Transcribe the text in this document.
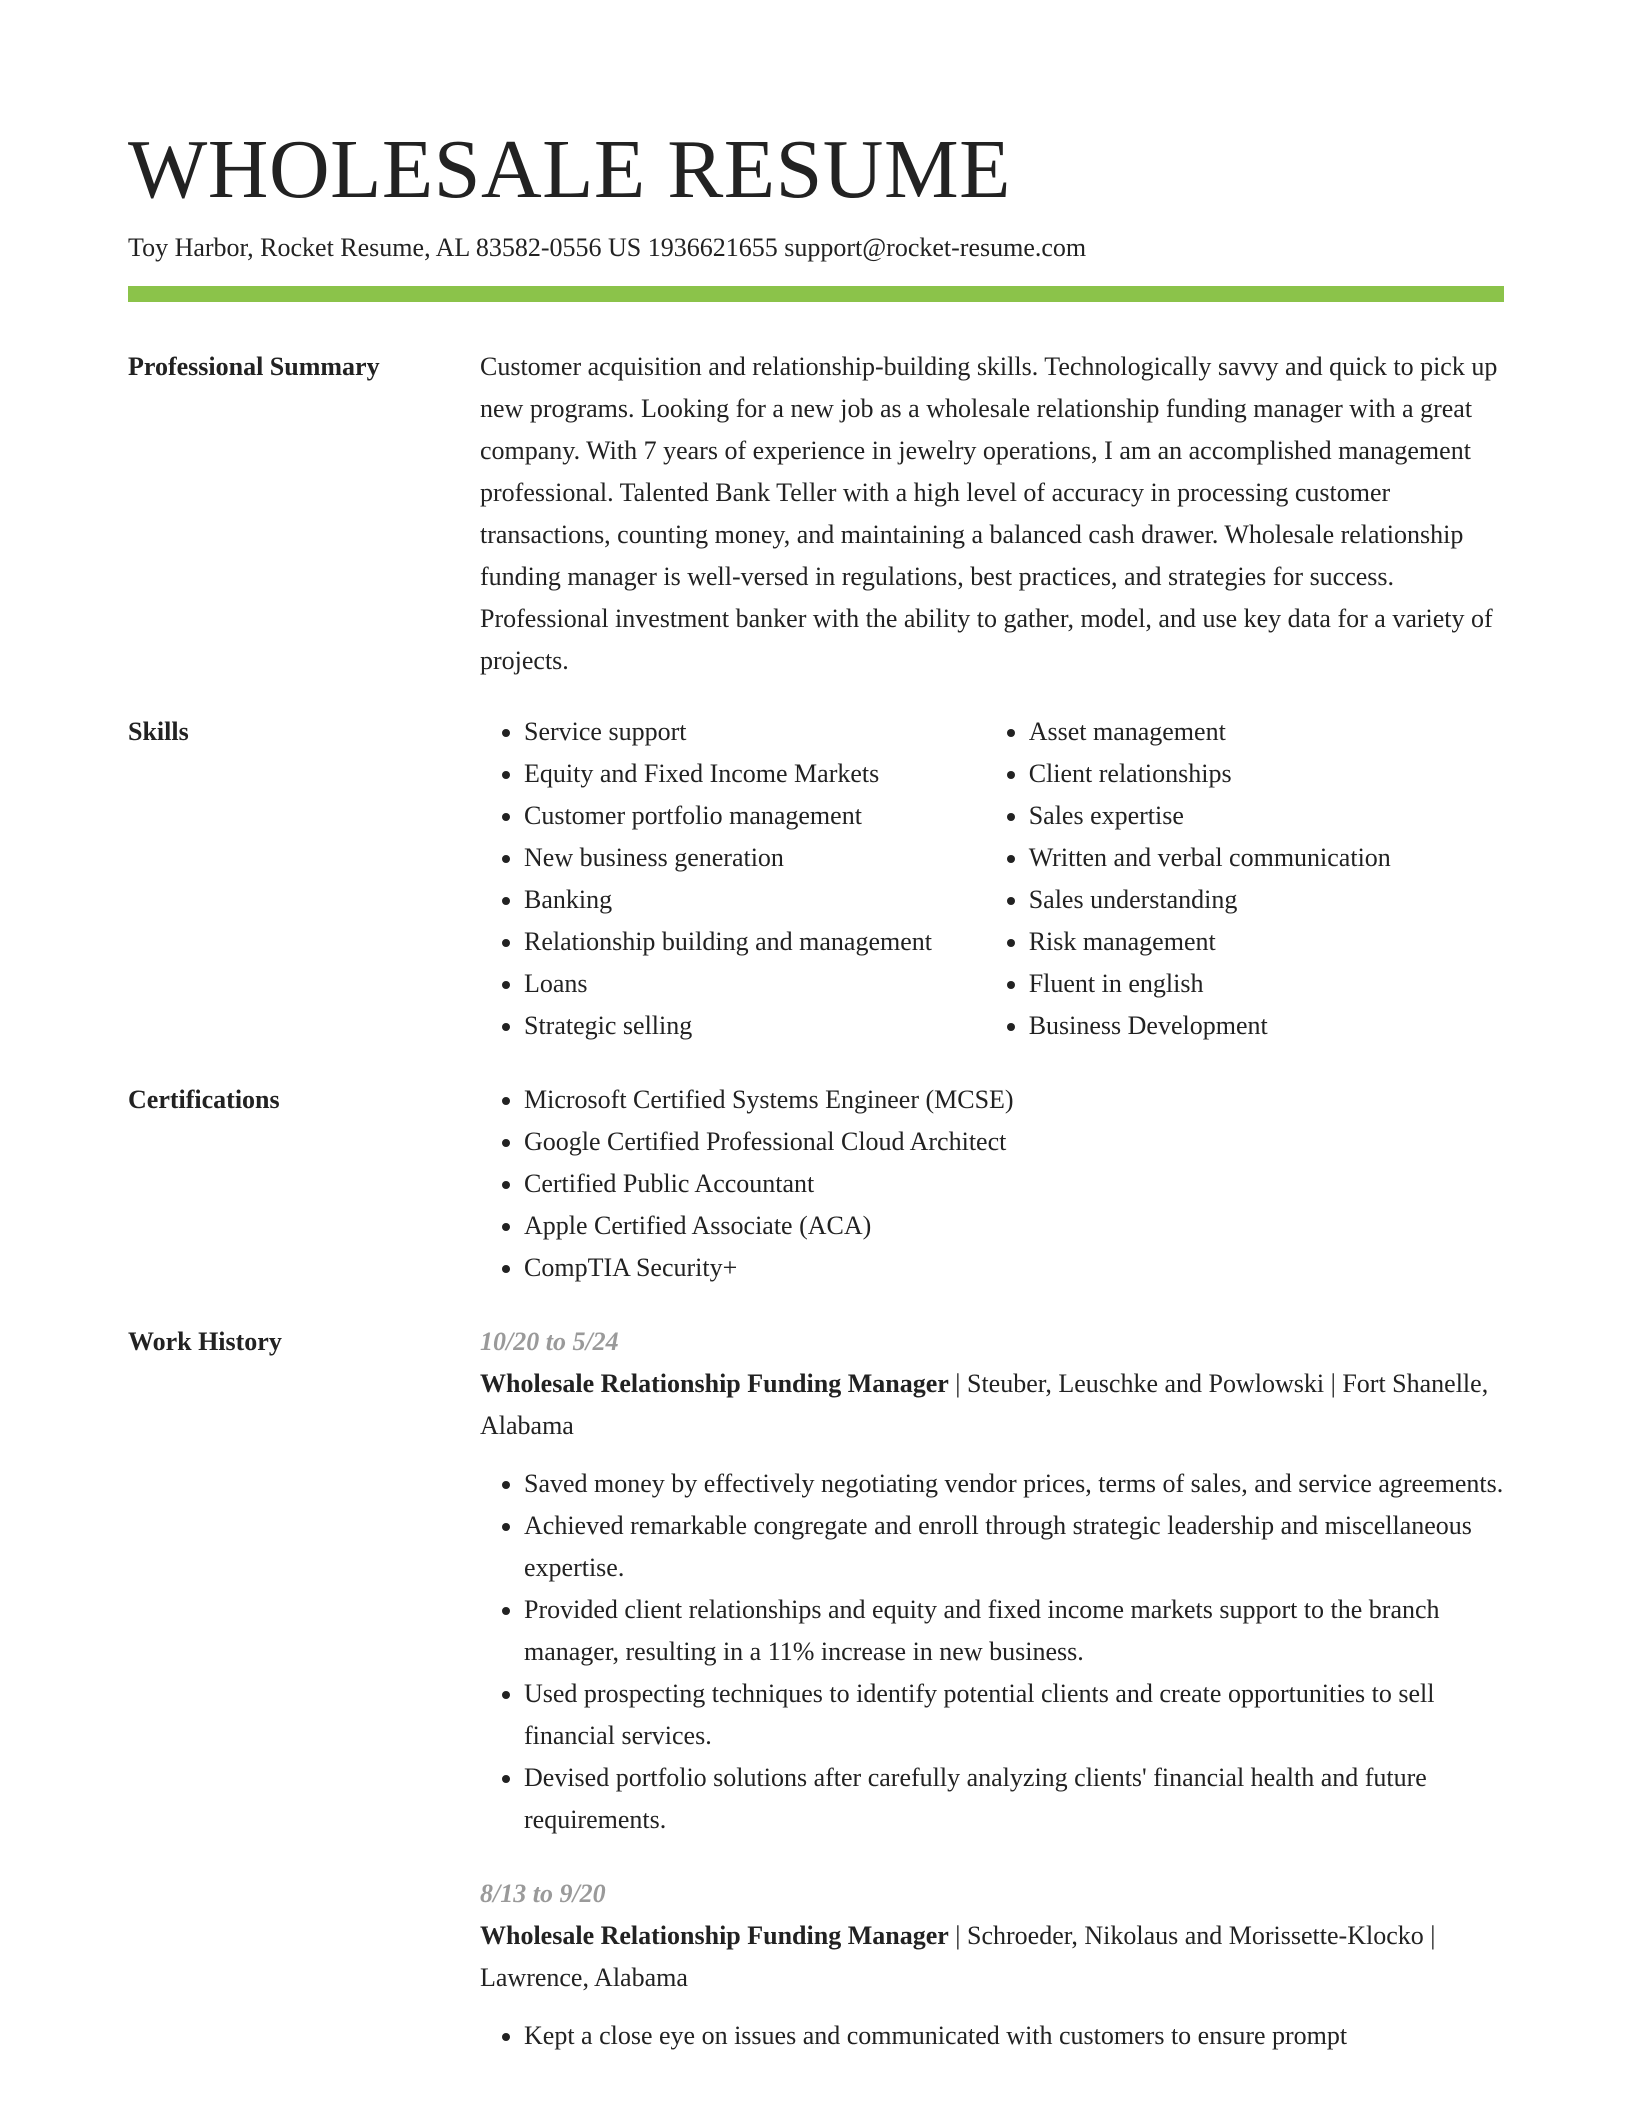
WHOLESALE RESUME
Toy Harbor, Rocket Resume, AL 83582-0556 US 1936621655 support@rocket-resume.com
Professional Summary	Customer acquisition and relationship-building skills. Technologically savvy and quick to pick up new programs. Looking for a new job as a wholesale relationship funding manager with a great company. With 7 years of experience in jewelry operations, I am an accomplished management professional. Talented Bank Teller with a high level of accuracy in processing customer transactions, counting money, and maintaining a balanced cash drawer. Wholesale relationship funding manager is well-versed in regulations, best practices, and strategies for success. Professional investment banker with the ability to gather, model, and use key data for a variety of projects.

Skills	• Service support
• Equity and Fixed Income Markets
• Customer portfolio management
• New business generation
• Banking
• Relationship building and management
• Loans
• Strategic selling
• Asset management
• Client relationships
• Sales expertise
• Written and verbal communication
• Sales understanding
• Risk management
• Fluent in english
• Business Development
Certifications	• Microsoft Certified Systems Engineer (MCSE)
• Google Certified Professional Cloud Architect
• Certified Public Accountant
• Apple Certified Associate (ACA)
• CompTIA Security+
Work History	10/20 to 5/24

Wholesale Relationship Funding Manager | Steuber, Leuschke and Powlowski | Fort Shanelle, Alabama

• Saved money by effectively negotiating vendor prices, terms of sales, and service agreements.
• Achieved remarkable congregate and enroll through strategic leadership and miscellaneous expertise.
• Provided client relationships and equity and fixed income markets support to the branch manager, resulting in a 11% increase in new business.
• Used prospecting techniques to identify potential clients and create opportunities to sell financial services.
• Devised portfolio solutions after carefully analyzing clients' financial health and future requirements.
8/13 to 9/20

Wholesale Relationship Funding Manager | Schroeder, Nikolaus and Morissette-Klocko | Lawrence, Alabama

• Kept a close eye on issues and communicated with customers to ensure prompt
